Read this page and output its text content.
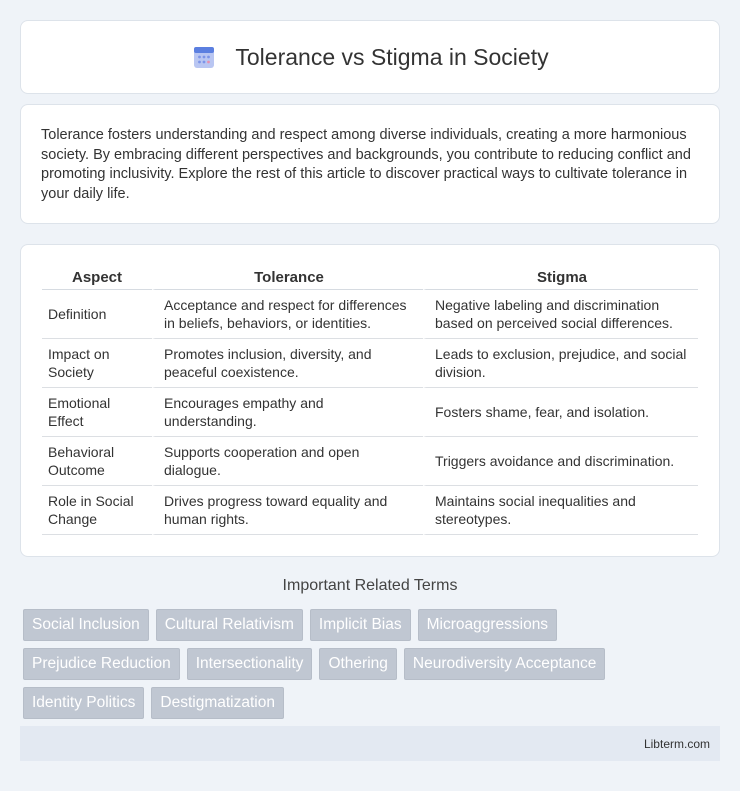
Tolerance vs Stigma in Society

Tolerance fosters understanding and respect among diverse individuals, creating a more harmonious society. By embracing different perspectives and backgrounds, you contribute to reducing conflict and promoting inclusivity. Explore the rest of this article to discover practical ways to cultivate tolerance in your daily life.

Aspect	Tolerance	Stigma
Definition	Acceptance and respect for differences in beliefs, behaviors, or identities.	Negative labeling and discrimination based on perceived social differences.
Impact on Society	Promotes inclusion, diversity, and peaceful coexistence.	Leads to exclusion, prejudice, and social division.
Emotional Effect	Encourages empathy and understanding.	Fosters shame, fear, and isolation.
Behavioral Outcome	Supports cooperation and open dialogue.	Triggers avoidance and discrimination.
Role in Social Change	Drives progress toward equality and human rights.	Maintains social inequalities and stereotypes.
Important Related Terms
Social Inclusion	Cultural Relativism	Implicit Bias	Microaggressions
Prejudice Reduction	Intersectionality	Othering	Neurodiversity Acceptance
Identity Politics	Destigmatization
Libterm.com
